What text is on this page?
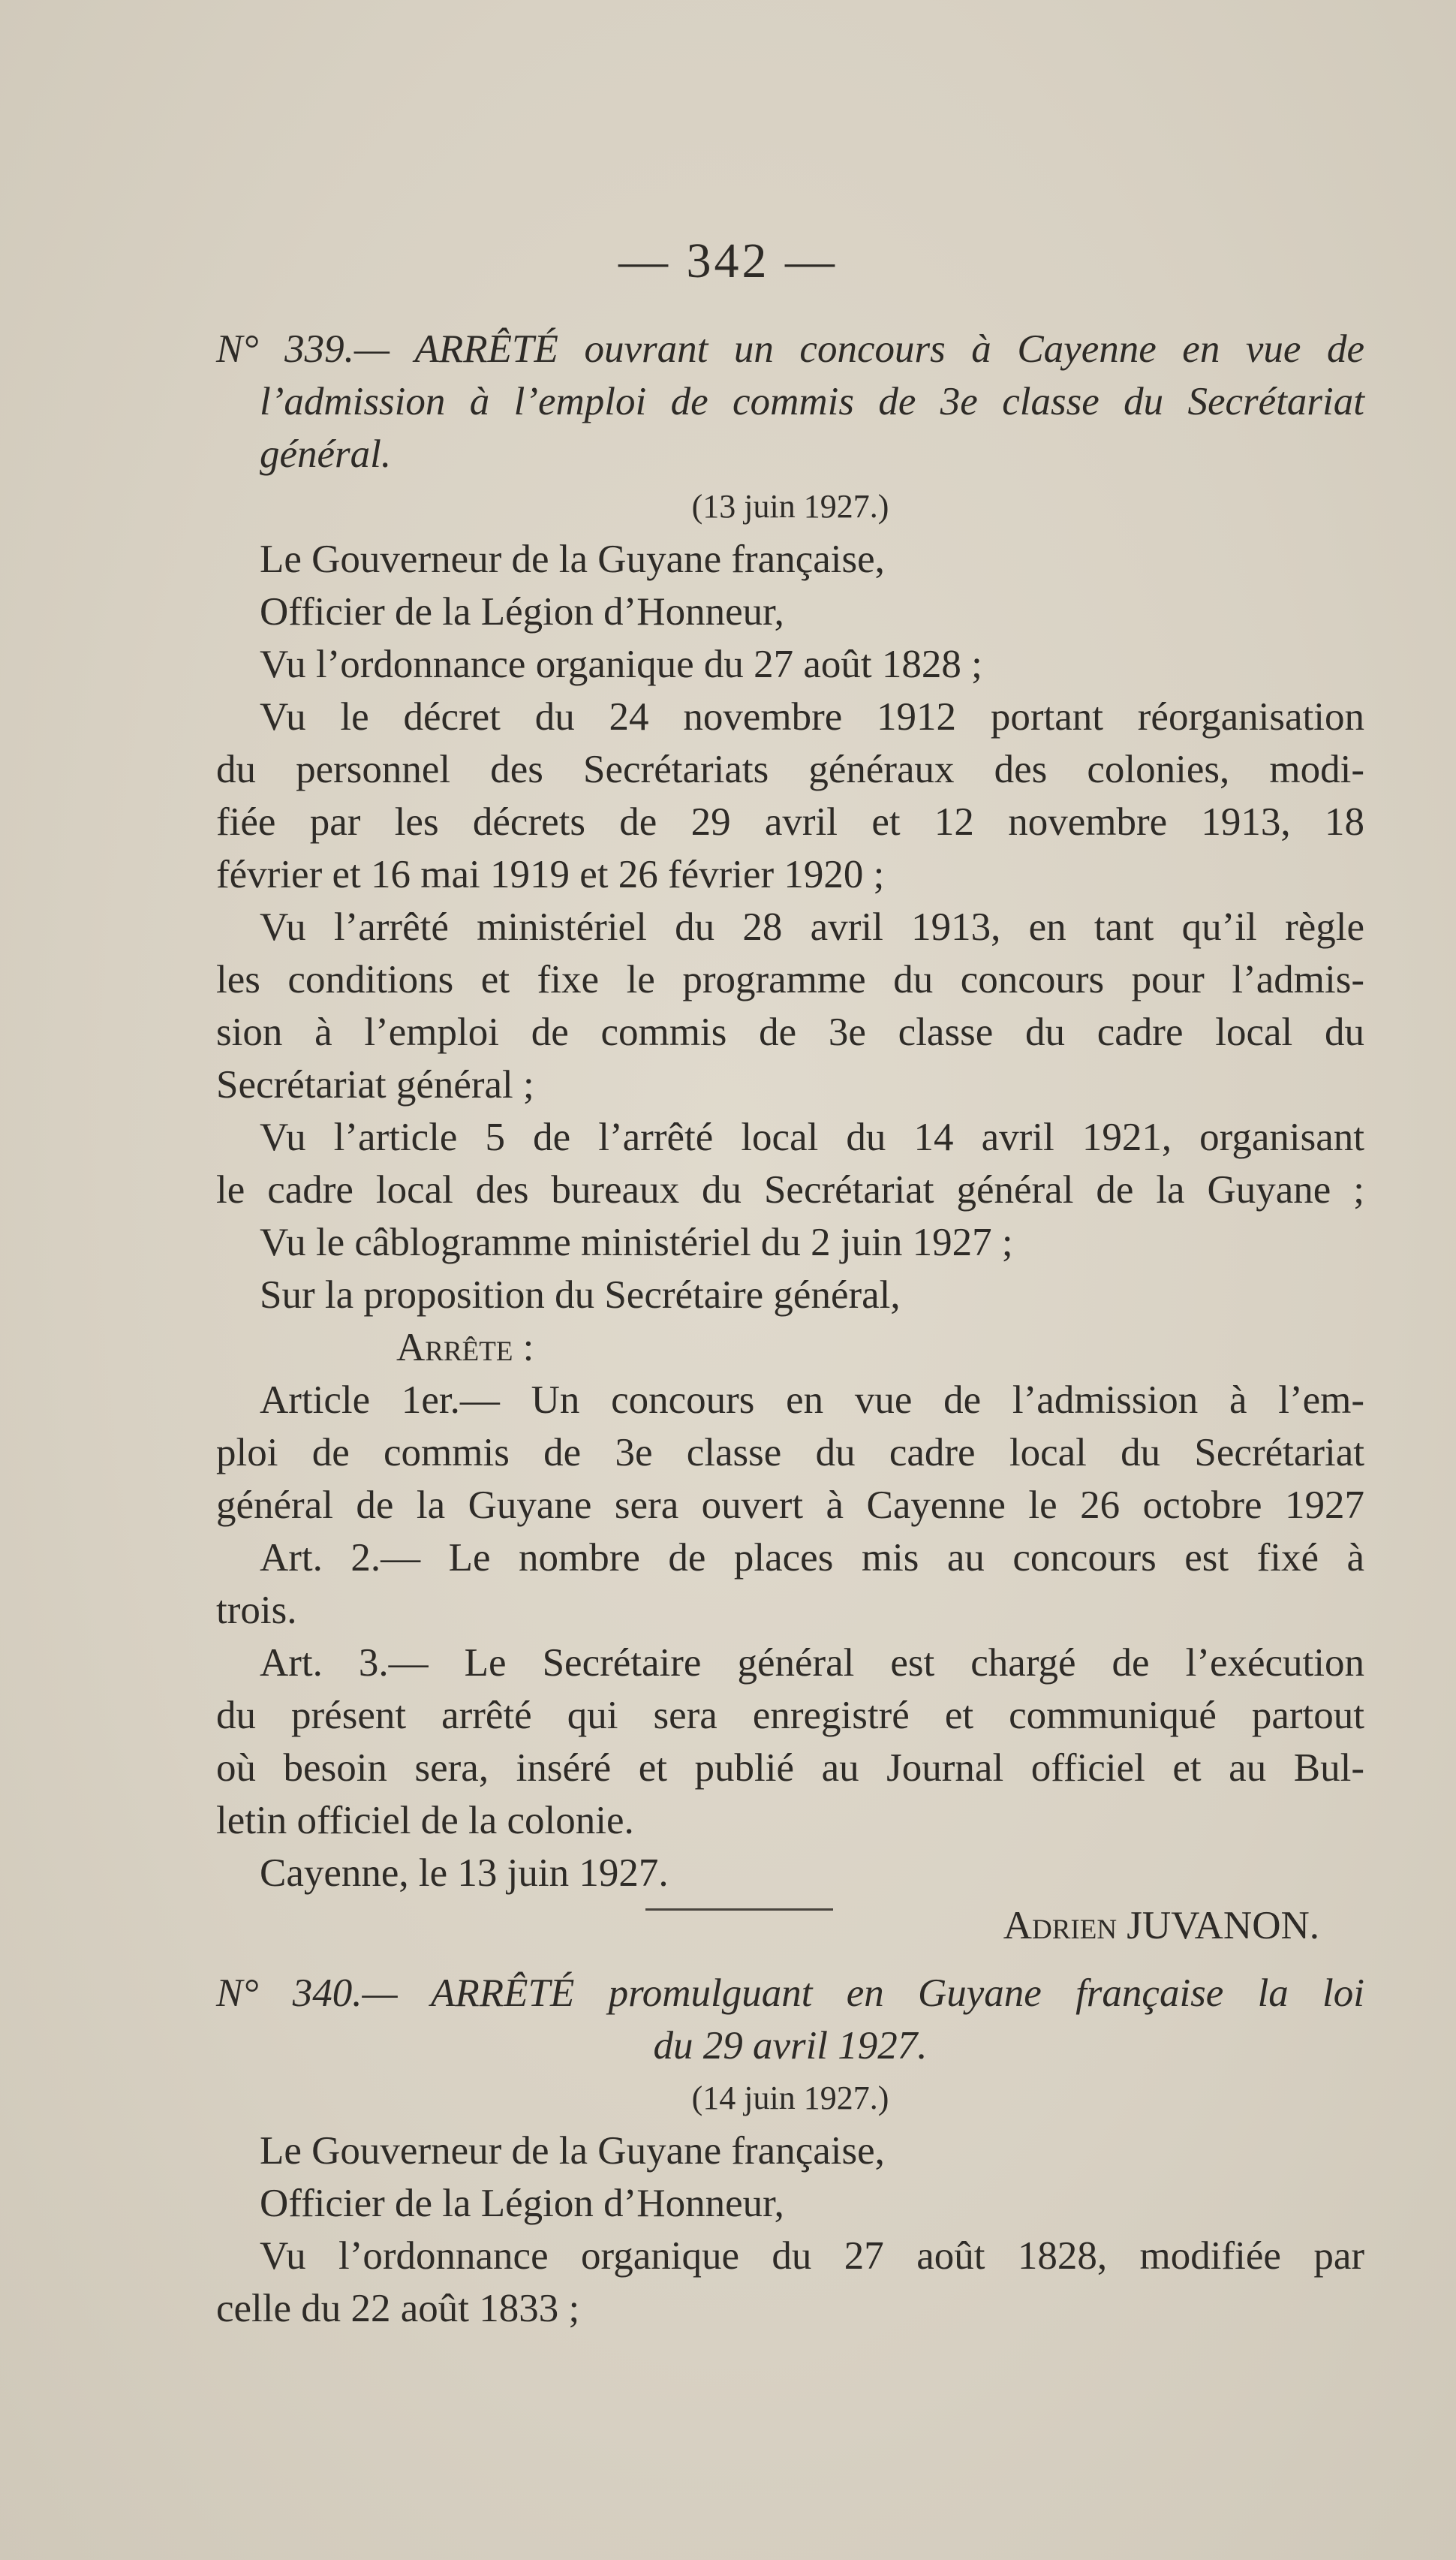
— 342 —
N° 339.— ARRÊTÉ ouvrant un concours à Cayenne en vue de
l’admission à l’emploi de commis de 3e classe du Secrétariat
général.
(13 juin 1927.)
Le Gouverneur de la Guyane française,
Officier de la Légion d’Honneur,
Vu l’ordonnance organique du 27 août 1828 ;
Vu le décret du 24 novembre 1912 portant réorganisation
du personnel des Secrétariats généraux des colonies, modi-
fiée par les décrets de 29 avril et 12 novembre 1913, 18
février et 16 mai 1919 et 26 février 1920 ;
Vu l’arrêté ministériel du 28 avril 1913, en tant qu’il règle
les conditions et fixe le programme du concours pour l’admis-
sion à l’emploi de commis de 3e classe du cadre local du
Secrétariat général ;
Vu l’article 5 de l’arrêté local du 14 avril 1921, organisant
le cadre local des bureaux du Secrétariat général de la Guyane ;
Vu le câblogramme ministériel du 2 juin 1927 ;
Sur la proposition du Secrétaire général,
Arrête :
Article 1er.— Un concours en vue de l’admission à l’em-
ploi de commis de 3e classe du cadre local du Secrétariat
général de la Guyane sera ouvert à Cayenne le 26 octobre 1927
Art. 2.— Le nombre de places mis au concours est fixé à
trois.
Art. 3.— Le Secrétaire général est chargé de l’exécution
du présent arrêté qui sera enregistré et communiqué partout
où besoin sera, inséré et publié au Journal officiel et au Bul-
letin officiel de la colonie.
Cayenne, le 13 juin 1927.
Adrien JUVANON.
N° 340.— ARRÊTÉ promulguant en Guyane française la loi
du 29 avril 1927.
(14 juin 1927.)
Le Gouverneur de la Guyane française,
Officier de la Légion d’Honneur,
Vu l’ordonnance organique du 27 août 1828, modifiée par
celle du 22 août 1833 ;
